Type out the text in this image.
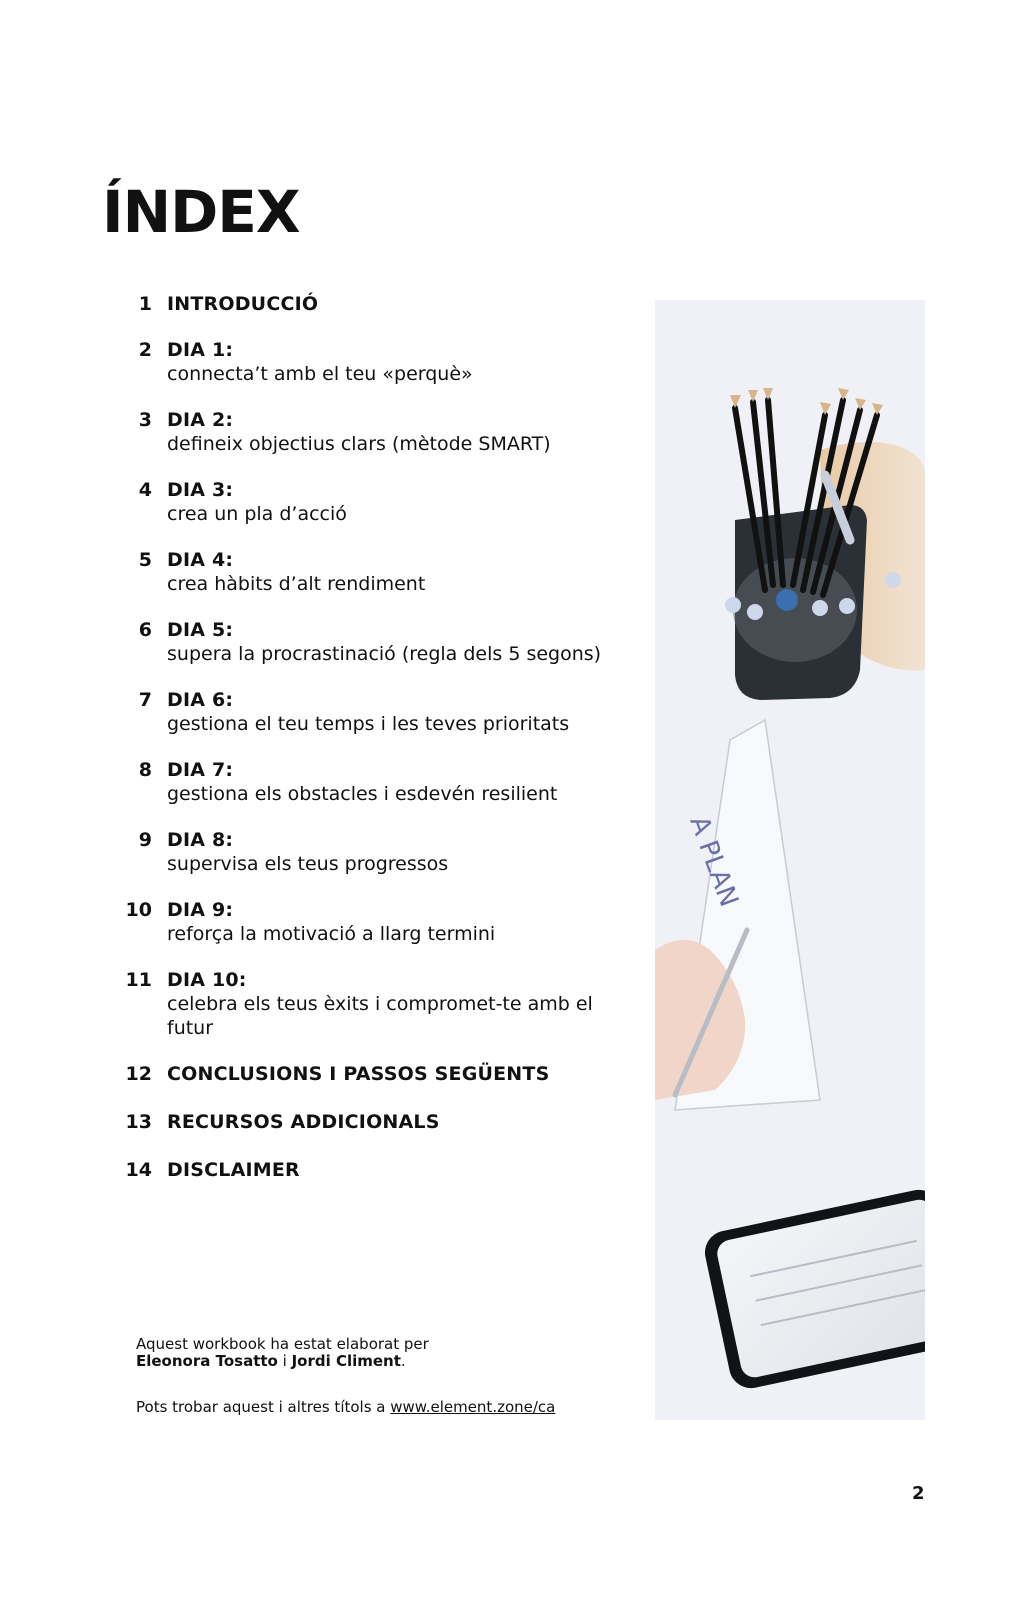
ÍNDEX
1 INTRODUCCIÓ
2 DIA 1:
connecta’t amb el teu «perquè»
3 DIA 2:
defineix objectius clars (mètode SMART)
4 DIA 3:
crea un pla d’acció
5 DIA 4:
crea hàbits d’alt rendiment
6 DIA 5:
supera la procrastinació (regla dels 5 segons)
7 DIA 6:
gestiona el teu temps i les teves prioritats
8 DIA 7:
gestiona els obstacles i esdevén resilient
9 DIA 8:
supervisa els teus progressos
10 DIA 9:
reforça la motivació a llarg termini
11 DIA 10:
celebra els teus èxits i compromet-te amb el futur
12 CONCLUSIONS I PASSOS SEGÜENTS
13 RECURSOS ADDICIONALS
14 DISCLAIMER
Aquest workbook ha estat elaborat per
Eleonora Tosatto i Jordi Climent.
Pots trobar aquest i altres títols a www.element.zone/ca
A PLAN
2
